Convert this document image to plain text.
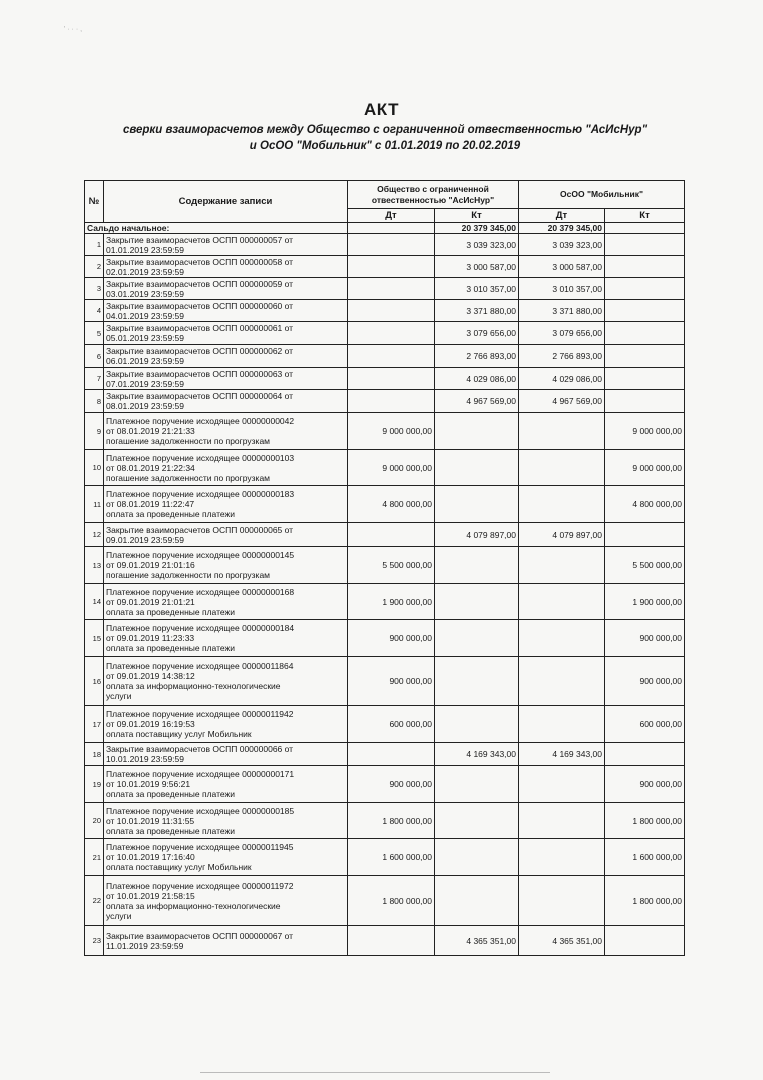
' · · · ,
АКТ
сверки взаиморасчетов между Общество с ограниченной отвественностью "АсИсНур"
и ОсОО "Мобильник" с 01.01.2019 по 20.02.2019
№	Содержание записи	Общество с ограниченной отвественностью "АсИсНур"		ОсОО "Мобильник"	
		Дт	Кт	Дт	Кт
Сальдо начальное:			20 379 345,00	20 379 345,00	
1	Закрытие взаиморасчетов ОСПП 000000057 от
01.01.2019 23:59:59		3 039 323,00	3 039 323,00	
2	Закрытие взаиморасчетов ОСПП 000000058 от
02.01.2019 23:59:59		3 000 587,00	3 000 587,00	
3	Закрытие взаиморасчетов ОСПП 000000059 от
03.01.2019 23:59:59		3 010 357,00	3 010 357,00	
4	Закрытие взаиморасчетов ОСПП 000000060 от
04.01.2019 23:59:59		3 371 880,00	3 371 880,00	
5	Закрытие взаиморасчетов ОСПП 000000061 от
05.01.2019 23:59:59		3 079 656,00	3 079 656,00	
6	Закрытие взаиморасчетов ОСПП 000000062 от
06.01.2019 23:59:59		2 766 893,00	2 766 893,00	
7	Закрытие взаиморасчетов ОСПП 000000063 от
07.01.2019 23:59:59		4 029 086,00	4 029 086,00	
8	Закрытие взаиморасчетов ОСПП 000000064 от
08.01.2019 23:59:59		4 967 569,00	4 967 569,00	
9	Платежное поручение исходящее 00000000042
от 08.01.2019 21:21:33
погашение задолженности по прогрузкам	9 000 000,00			9 000 000,00
10	Платежное поручение исходящее 00000000103
от 08.01.2019 21:22:34
погашение задолженности по прогрузкам	9 000 000,00			9 000 000,00
11	Платежное поручение исходящее 00000000183
от 08.01.2019 11:22:47
оплата за проведенные платежи	4 800 000,00			4 800 000,00
12	Закрытие взаиморасчетов ОСПП 000000065 от
09.01.2019 23:59:59		4 079 897,00	4 079 897,00	
13	Платежное поручение исходящее 00000000145
от 09.01.2019 21:01:16
погашение задолженности по прогрузкам	5 500 000,00			5 500 000,00
14	Платежное поручение исходящее 00000000168
от 09.01.2019 21:01:21
оплата за проведенные платежи	1 900 000,00			1 900 000,00
15	Платежное поручение исходящее 00000000184
от 09.01.2019 11:23:33
оплата за проведенные платежи	900 000,00			900 000,00
16	Платежное поручение исходящее 00000011864
от 09.01.2019 14:38:12
оплата за информационно-технологические
услуги	900 000,00			900 000,00
17	Платежное поручение исходящее 00000011942
от 09.01.2019 16:19:53
оплата поставщику услуг Мобильник	600 000,00			600 000,00
18	Закрытие взаиморасчетов ОСПП 000000066 от
10.01.2019 23:59:59		4 169 343,00	4 169 343,00	
19	Платежное поручение исходящее 00000000171
от 10.01.2019 9:56:21
оплата за проведенные платежи	900 000,00			900 000,00
20	Платежное поручение исходящее 00000000185
от 10.01.2019 11:31:55
оплата за проведенные платежи	1 800 000,00			1 800 000,00
21	Платежное поручение исходящее 00000011945
от 10.01.2019 17:16:40
оплата поставщику услуг Мобильник	1 600 000,00			1 600 000,00
22	Платежное поручение исходящее 00000011972
от 10.01.2019 21:58:15
оплата за информационно-технологические
услуги	1 800 000,00			1 800 000,00
23	Закрытие взаиморасчетов ОСПП 000000067 от
11.01.2019 23:59:59		4 365 351,00	4 365 351,00	
